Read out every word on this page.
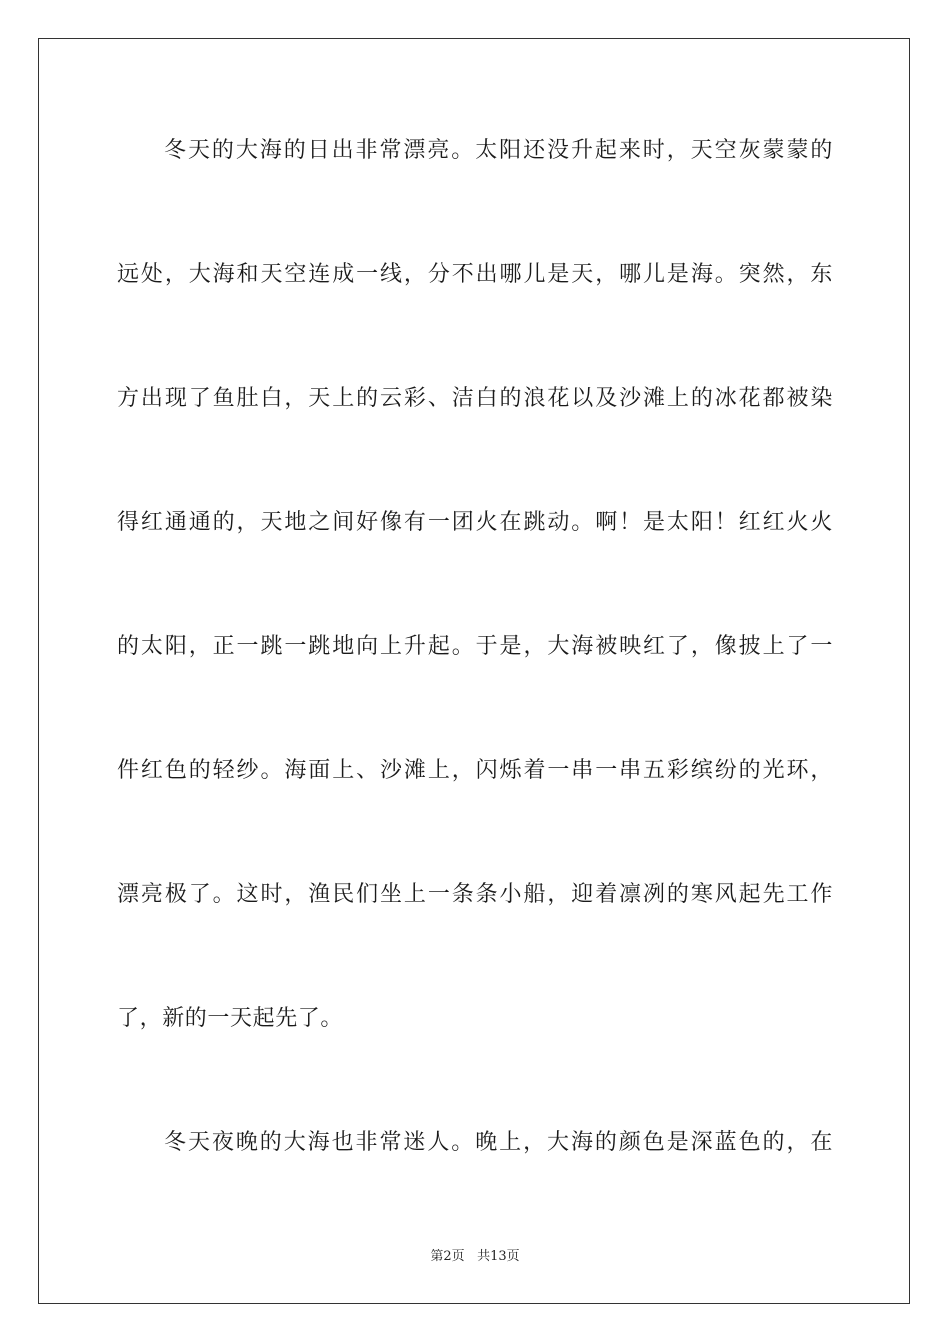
冬天的大海的日出非常漂亮。太阳还没升起来时，天空灰蒙蒙的
远处，大海和天空连成一线，分不出哪儿是天，哪儿是海。突然，东
方出现了鱼肚白，天上的云彩、洁白的浪花以及沙滩上的冰花都被染
得红通通的，天地之间好像有一团火在跳动。啊！是太阳！红红火火
的太阳，正一跳一跳地向上升起。于是，大海被映红了，像披上了一
件红色的轻纱。海面上、沙滩上，闪烁着一串一串五彩缤纷的光环，
漂亮极了。这时，渔民们坐上一条条小船，迎着凛冽的寒风起先工作
了，新的一天起先了。
冬天夜晚的大海也非常迷人。晚上，大海的颜色是深蓝色的，在
第2页 共13页
